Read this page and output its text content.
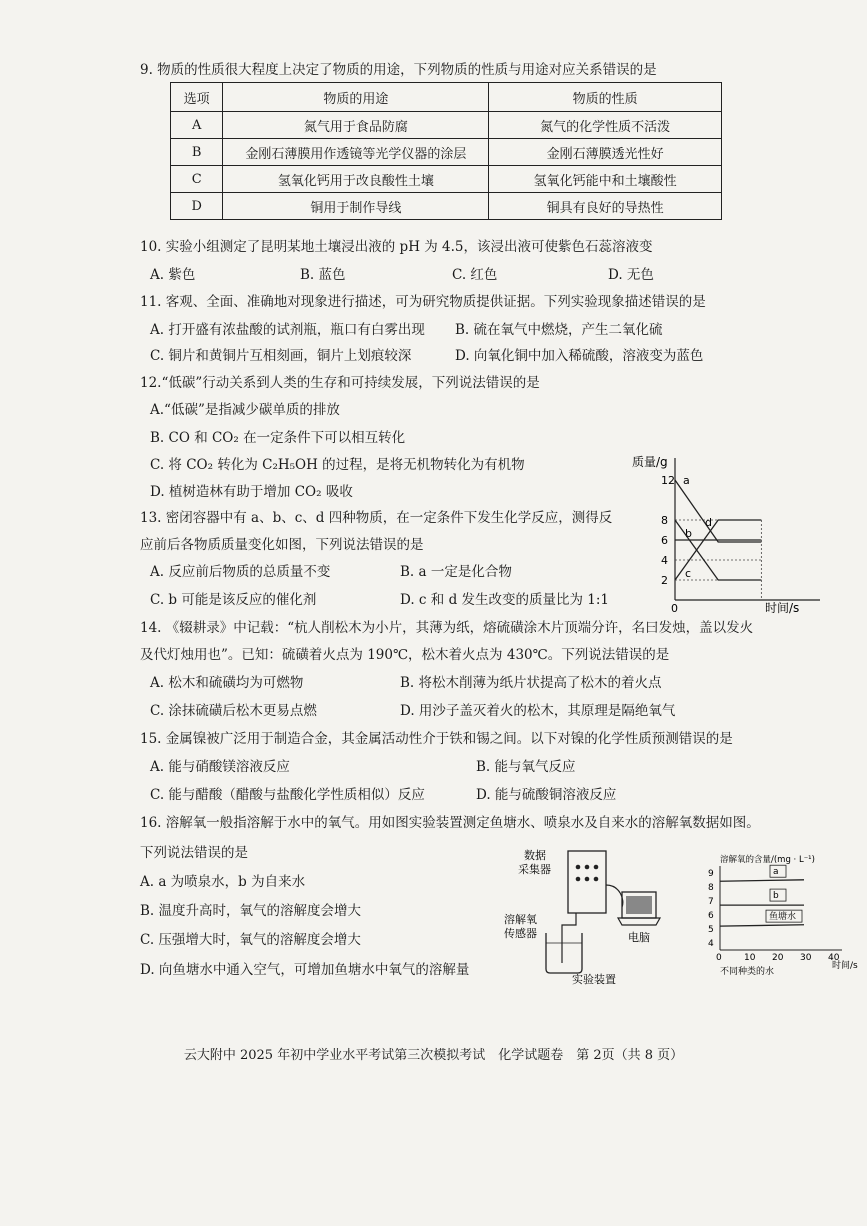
9. 物质的性质很大程度上决定了物质的用途，下列物质的性质与用途对应关系错误的是
选项	物质的用途	物质的性质
A	氮气用于食品防腐	氮气的化学性质不活泼
B	金刚石薄膜用作透镜等光学仪器的涂层	金刚石薄膜透光性好
C	氢氧化钙用于改良酸性土壤	氢氧化钙能中和土壤酸性
D	铜用于制作导线	铜具有良好的导热性
10. 实验小组测定了昆明某地土壤浸出液的 pH 为 4.5，该浸出液可使紫色石蕊溶液变
A. 紫色	B. 蓝色	C. 红色	D. 无色
11. 客观、全面、准确地对现象进行描述，可为研究物质提供证据。下列实验现象描述错误的是
A. 打开盛有浓盐酸的试剂瓶，瓶口有白雾出现 B. 硫在氧气中燃烧，产生二氧化硫
C. 铜片和黄铜片互相刻画，铜片上划痕较深	D. 向氧化铜中加入稀硫酸，溶液变为蓝色
12.“低碳”行动关系到人类的生存和可持续发展，下列说法错误的是
A.“低碳”是指减少碳单质的排放
B. CO 和 CO₂ 在一定条件下可以相互转化
C. 将 CO₂ 转化为 C₂H₅OH 的过程，是将无机物转化为有机物
D. 植树造林有助于增加 CO₂ 吸收
13. 密闭容器中有 a、b、c、d 四种物质，在一定条件下发生化学反应，测得反
应前后各物质质量变化如图，下列说法错误的是
A. 反应前后物质的总质量不变	B. a 一定是化合物
C. b 可能是该反应的催化剂	D. c 和 d 发生改变的质量比为 1:1
质量/g
时间/s
0
2
4
6
8
12 a
b
c
d
14. 《辍耕录》中记载：“杭人削松木为小片，其薄为纸，熔硫磺涂木片顶端分许，名曰发烛，盖以发火
及代灯烛用也”。已知：硫磺着火点为 190℃，松木着火点为 430℃。下列说法错误的是
A. 松木和硫磺均为可燃物	B. 将松木削薄为纸片状提高了松木的着火点
C. 涂抹硫磺后松木更易点燃	D. 用沙子盖灭着火的松木，其原理是隔绝氧气
15. 金属镍被广泛用于制造合金，其金属活动性介于铁和锡之间。以下对镍的化学性质预测错误的是
A. 能与硝酸镁溶液反应	B. 能与氧气反应
C. 能与醋酸（醋酸与盐酸化学性质相似）反应	D. 能与硫酸铜溶液反应
16. 溶解氧一般指溶解于水中的氧气。用如图实验装置测定鱼塘水、喷泉水及自来水的溶解氧数据如图。
下列说法错误的是
A. a 为喷泉水，b 为自来水
B. 温度升高时，氧气的溶解度会增大
C. 压强增大时，氧气的溶解度会增大
D. 向鱼塘水中通入空气，可增加鱼塘水中氧气的溶解量
数据
采集器
电脑
溶解氧
传感器
实验装置
溶解氧的含量/(mg · L⁻¹)
4
5
6
7
8
9
0 10 20 30 40
时间/s
不同种类的水
a
b
鱼塘水
云大附中 2025 年初中学业水平考试第三次模拟考试　化学试题卷　第 2页（共 8 页）
